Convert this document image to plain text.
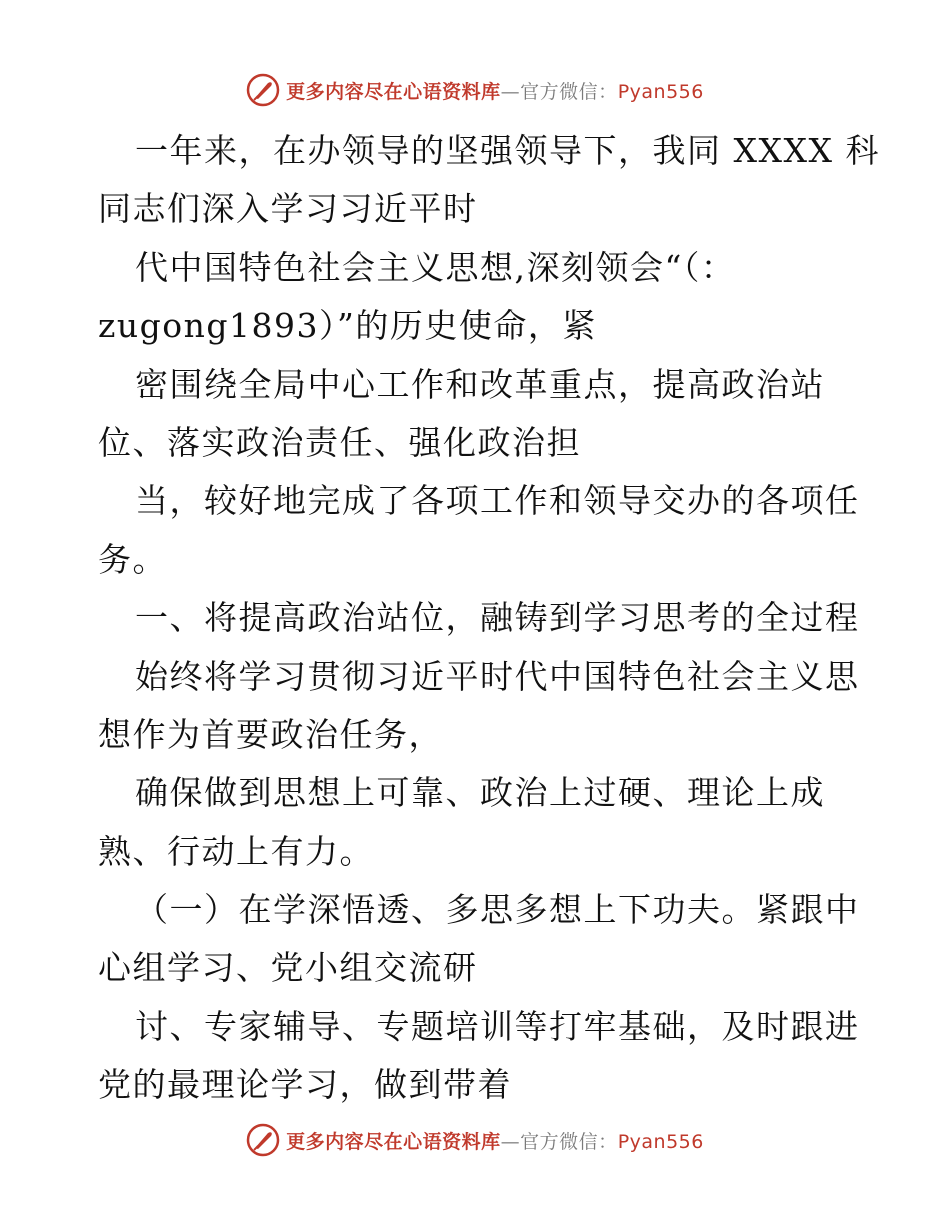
更多内容尽在心语资料库—官方微信：Pyan556
一年来，在办领导的坚强领导下，我同 XXXX 科
同志们深入学习习近平时
代中国特色社会主义思想,深刻领会“（：
zugong1893）”的历史使命，紧
密围绕全局中心工作和改革重点，提高政治站
位、落实政治责任、强化政治担
当，较好地完成了各项工作和领导交办的各项任
务。
一、将提高政治站位，融铸到学习思考的全过程
始终将学习贯彻习近平时代中国特色社会主义思
想作为首要政治任务，
确保做到思想上可靠、政治上过硬、理论上成
熟、行动上有力。
（一）在学深悟透、多思多想上下功夫。紧跟中
心组学习、党小组交流研
讨、专家辅导、专题培训等打牢基础，及时跟进
党的最理论学习，做到带着
更多内容尽在心语资料库—官方微信：Pyan556
